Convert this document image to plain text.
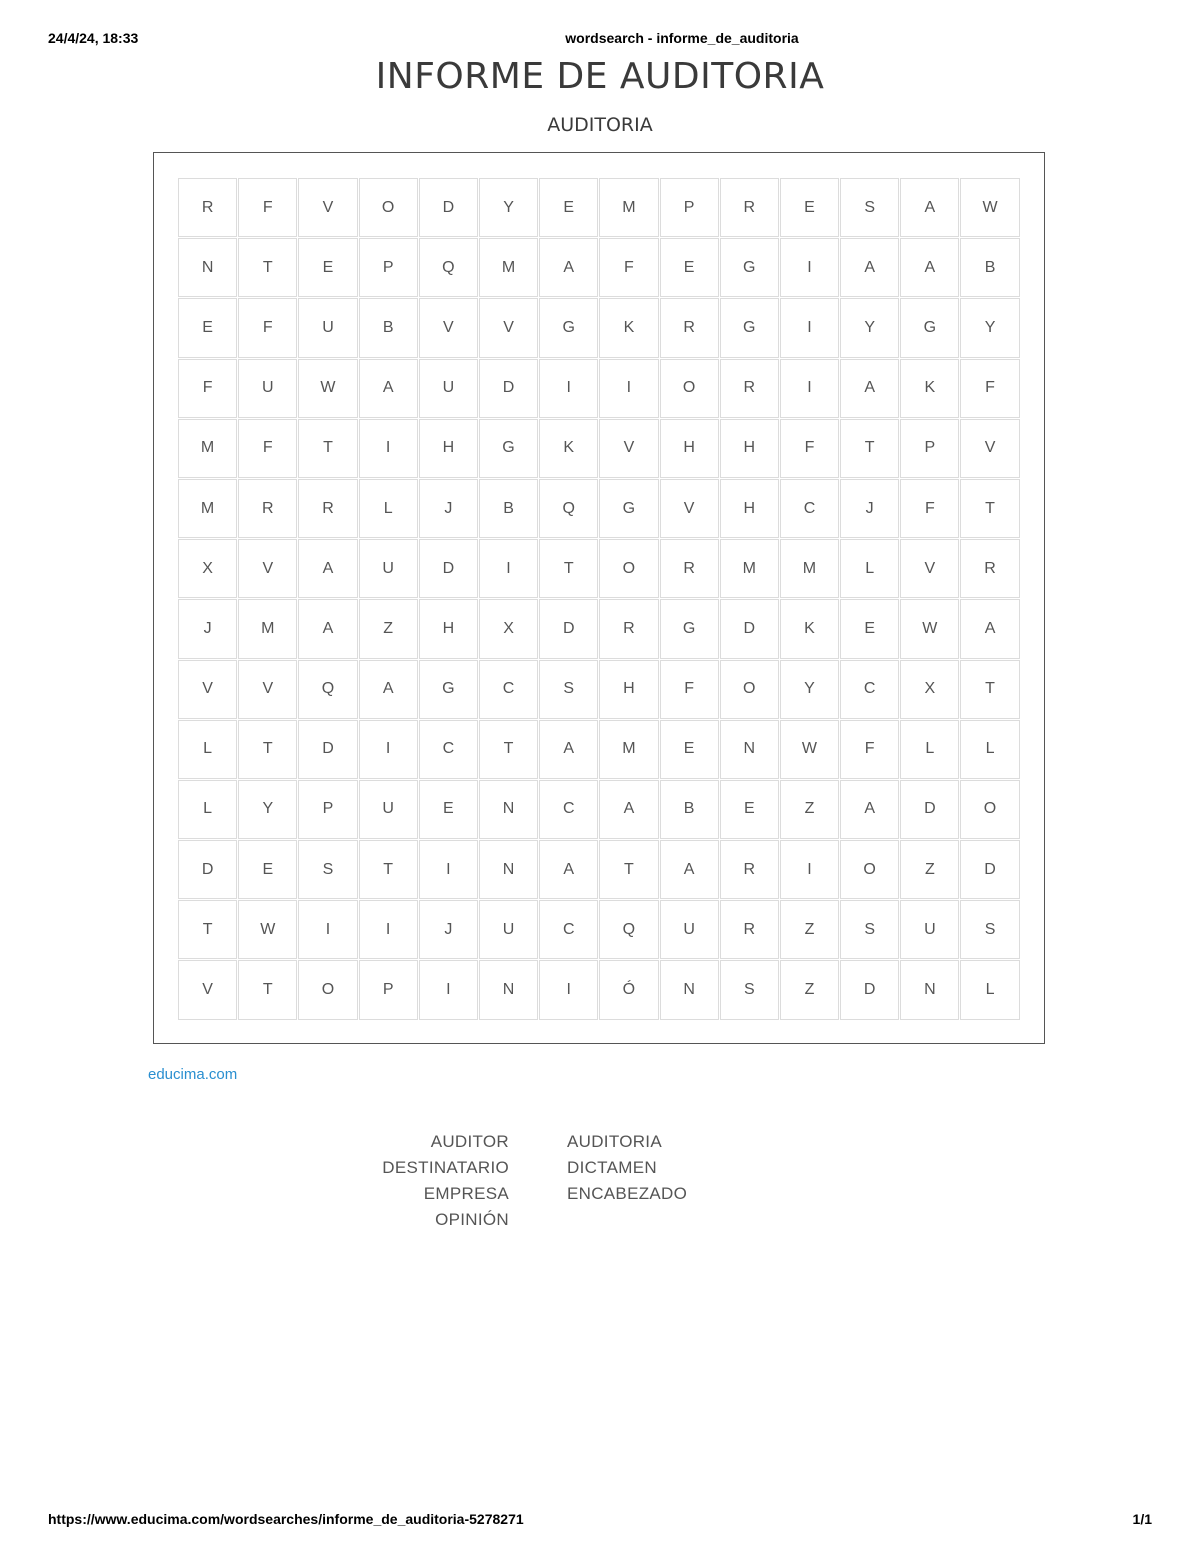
24/4/24, 18:33	wordsearch - informe_de_auditoria
INFORME DE AUDITORIA
AUDITORIA
R	F	V	O	D	Y	E	M	P	R	E	S	A	W
N	T	E	P	Q	M	A	F	E	G	I	A	A	B
E	F	U	B	V	V	G	K	R	G	I	Y	G	Y
F	U	W	A	U	D	I	I	O	R	I	A	K	F
M	F	T	I	H	G	K	V	H	H	F	T	P	V
M	R	R	L	J	B	Q	G	V	H	C	J	F	T
X	V	A	U	D	I	T	O	R	M	M	L	V	R
J	M	A	Z	H	X	D	R	G	D	K	E	W	A
V	V	Q	A	G	C	S	H	F	O	Y	C	X	T
L	T	D	I	C	T	A	M	E	N	W	F	L	L
L	Y	P	U	E	N	C	A	B	E	Z	A	D	O
D	E	S	T	I	N	A	T	A	R	I	O	Z	D
T	W	I	I	J	U	C	Q	U	R	Z	S	U	S
V	T	O	P	I	N	I	Ó	N	S	Z	D	N	L
educima.com
AUDITOR	AUDITORIA
DESTINATARIO	DICTAMEN
EMPRESA	ENCABEZADO
OPINIÓN
https://www.educima.com/wordsearches/informe_de_auditoria-5278271	1/1
